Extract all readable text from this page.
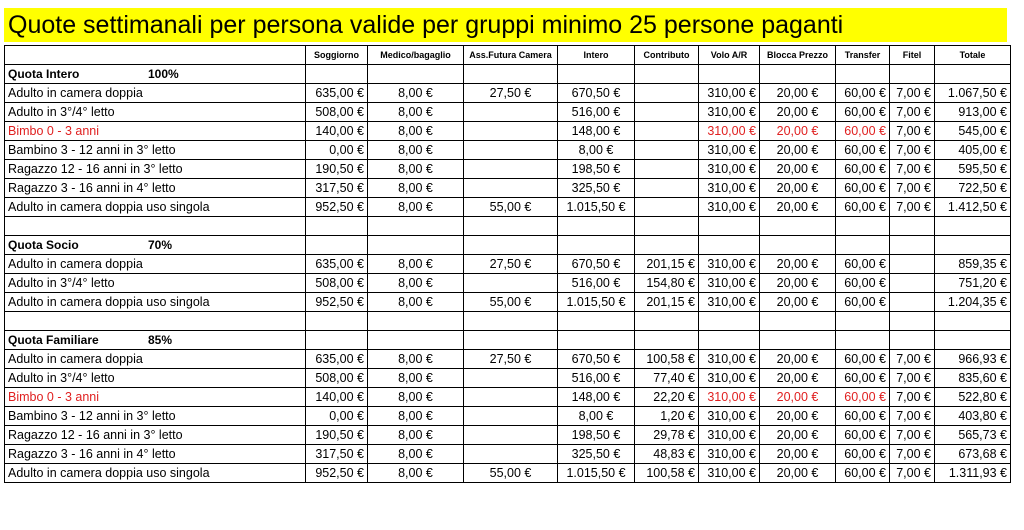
Quote settimanali per persona valide per gruppi minimo 25 persone paganti
	Soggiorno	Medico/bagaglio	Ass.Futura Camera	Intero	Contributo	Volo A/R	Blocca Prezzo	Transfer	Fitel	Totale

Quota Intero 100%										

Adulto in camera doppia	635,00 €	8,00 €	27,50 €	670,50 €		310,00 €	20,00 €	60,00 €	7,00 €	1.067,50 €
Adulto in 3°/4° letto	508,00 €	8,00 €		516,00 €		310,00 €	20,00 €	60,00 €	7,00 €	913,00 €
Bimbo 0 - 3 anni	140,00 €	8,00 €		148,00 €		310,00 €	20,00 €	60,00 €	7,00 €	545,00 €
Bambino 3 - 12 anni in 3° letto	0,00 €	8,00 €		8,00 €		310,00 €	20,00 €	60,00 €	7,00 €	405,00 €
Ragazzo 12 - 16 anni in 3° letto	190,50 €	8,00 €		198,50 €		310,00 €	20,00 €	60,00 €	7,00 €	595,50 €
Ragazzo 3 - 16 anni in 4° letto	317,50 €	8,00 €		325,50 €		310,00 €	20,00 €	60,00 €	7,00 €	722,50 €
Adulto in camera doppia uso singola	952,50 €	8,00 €	55,00 €	1.015,50 €		310,00 €	20,00 €	60,00 €	7,00 €	1.412,50 €

Quota Socio 70%										

Adulto in camera doppia	635,00 €	8,00 €	27,50 €	670,50 €	201,15 €	310,00 €	20,00 €	60,00 €		859,35 €
Adulto in 3°/4° letto	508,00 €	8,00 €		516,00 €	154,80 €	310,00 €	20,00 €	60,00 €		751,20 €
Adulto in camera doppia uso singola	952,50 €	8,00 €	55,00 €	1.015,50 €	201,15 €	310,00 €	20,00 €	60,00 €		1.204,35 €

Quota Familiare 85%										

Adulto in camera doppia	635,00 €	8,00 €	27,50 €	670,50 €	100,58 €	310,00 €	20,00 €	60,00 €	7,00 €	966,93 €
Adulto in 3°/4° letto	508,00 €	8,00 €		516,00 €	77,40 €	310,00 €	20,00 €	60,00 €	7,00 €	835,60 €
Bimbo 0 - 3 anni	140,00 €	8,00 €		148,00 €	22,20 €	310,00 €	20,00 €	60,00 €	7,00 €	522,80 €
Bambino 3 - 12 anni in 3° letto	0,00 €	8,00 €		8,00 €	1,20 €	310,00 €	20,00 €	60,00 €	7,00 €	403,80 €
Ragazzo 12 - 16 anni in 3° letto	190,50 €	8,00 €		198,50 €	29,78 €	310,00 €	20,00 €	60,00 €	7,00 €	565,73 €
Ragazzo 3 - 16 anni in 4° letto	317,50 €	8,00 €		325,50 €	48,83 €	310,00 €	20,00 €	60,00 €	7,00 €	673,68 €
Adulto in camera doppia uso singola	952,50 €	8,00 €	55,00 €	1.015,50 €	100,58 €	310,00 €	20,00 €	60,00 €	7,00 €	1.311,93 €
